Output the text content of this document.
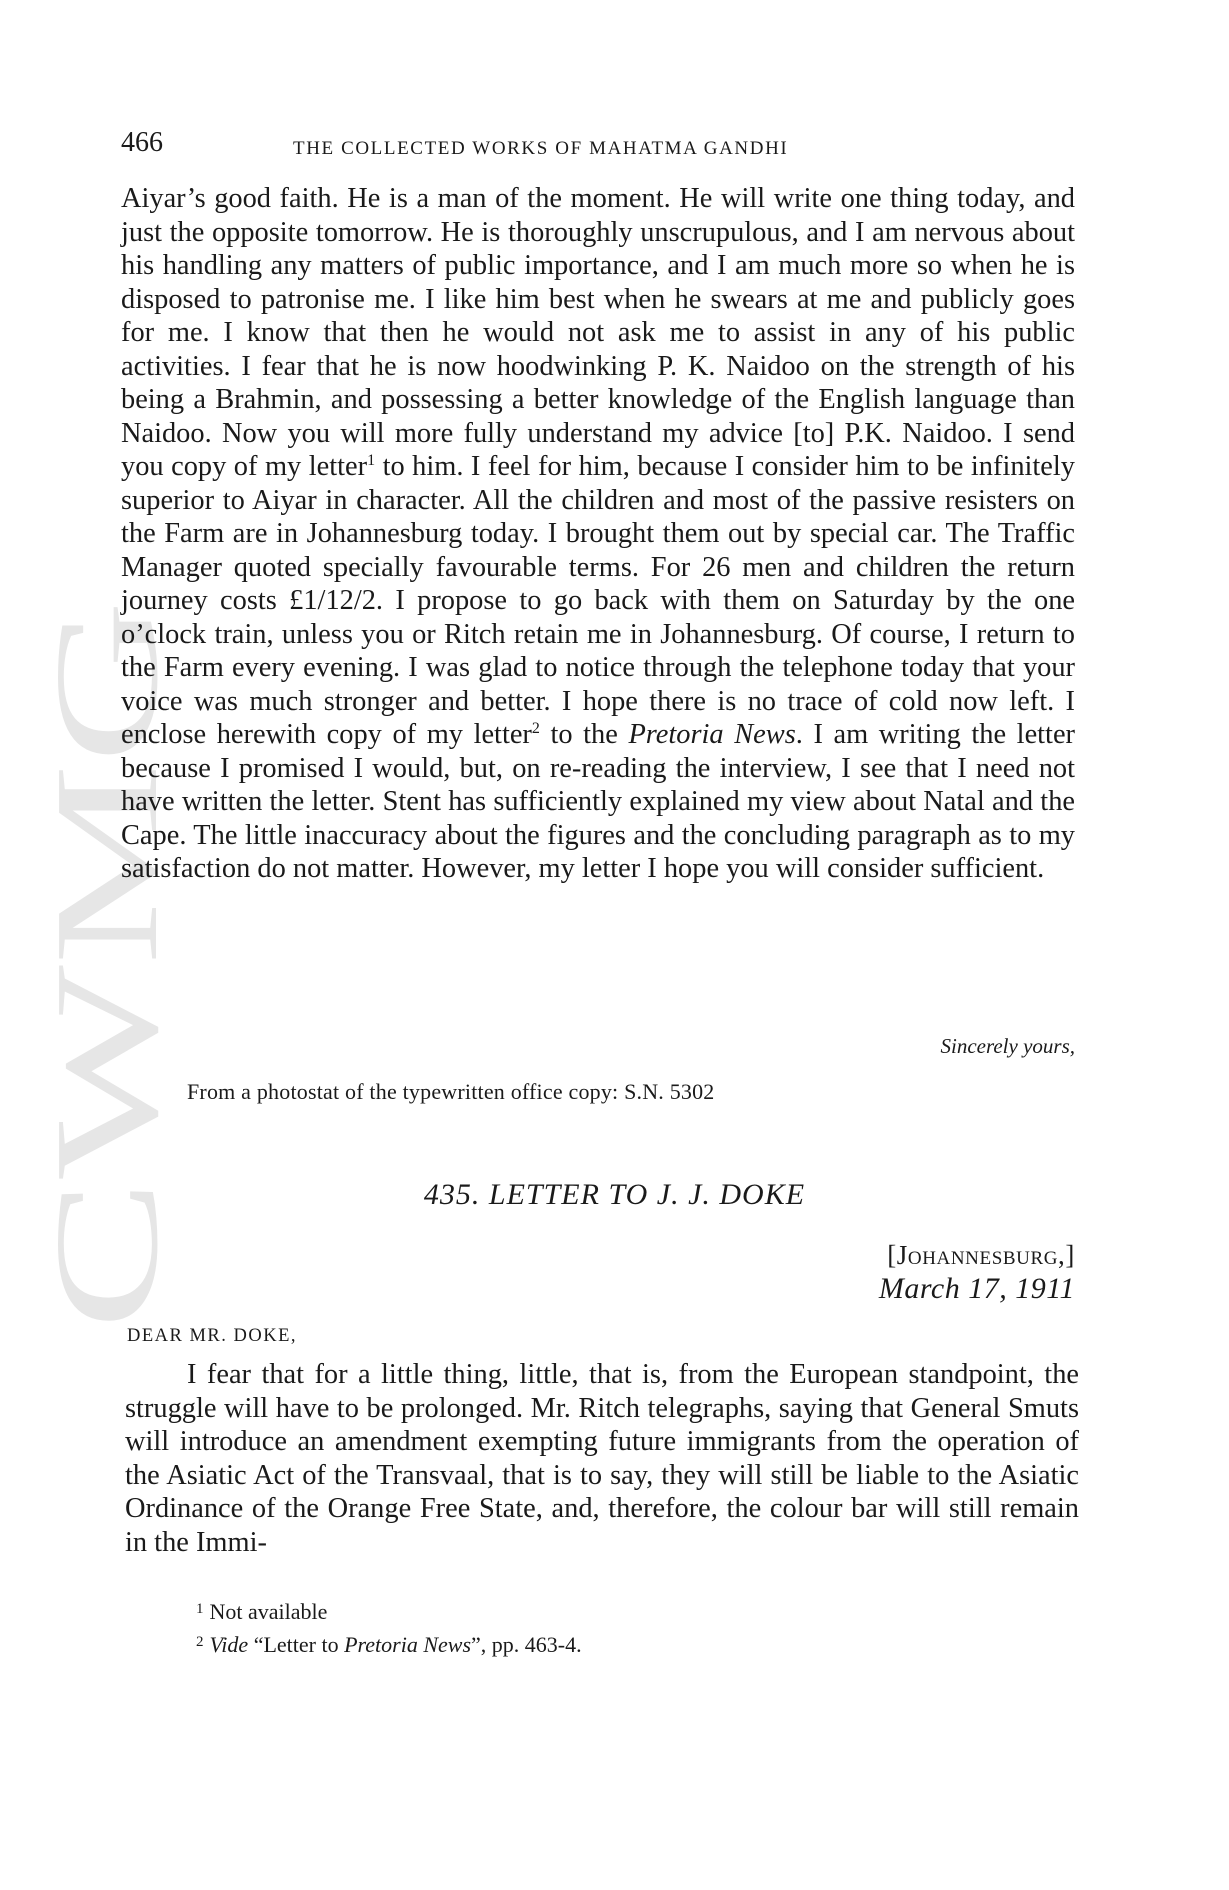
CWMG
466	THE COLLECTED WORKS OF MAHATMA GANDHI

Aiyar’s good faith. He is a man of the moment. He will write one thing today, and just the opposite tomorrow. He is thoroughly unscrupulous, and I am nervous about his handling any matters of public importance, and I am much more so when he is disposed to patronise me. I like him best when he swears at me and publicly goes for me. I know that then he would not ask me to assist in any of his public activities. I fear that he is now hoodwinking P. K. Naidoo on the strength of his being a Brahmin, and possessing a better knowledge of the English language than Naidoo. Now you will more fully understand my advice [to] P.K. Naidoo. I send you copy of my letter$^1$ to him. I feel for him, because I consider him to be infinitely superior to Aiyar in character. All the children and most of the passive resisters on the Farm are in Johannesburg today. I brought them out by special car. The Traffic Manager quoted specially favourable terms. For 26 men and children the return journey costs £1/12/2. I propose to go back with them on Saturday by the one o’clock train, unless you or Ritch retain me in Johannesburg. Of course, I return to the Farm every evening. I was glad to notice through the telephone today that your voice was much stronger and better. I hope there is no trace of cold now left. I enclose herewith copy of my letter$^2$ to the Pretoria News. I am writing the letter because I promised I would, but, on re-reading the interview, I see that I need not have written the letter. Stent has sufficiently explained my view about Natal and the Cape. The little inaccuracy about the figures and the concluding paragraph as to my satisfaction do not matter. However, my letter I hope you will consider sufficient.

Sincerely yours,
From a photostat of the typewritten office copy: S.N. 5302
435. LETTER TO J. J. DOKE
[Johannesburg,]
March 17, 1911
DEAR MR. DOKE,

I fear that for a little thing, little, that is, from the European standpoint, the struggle will have to be prolonged. Mr. Ritch telegraphs, saying that General Smuts will introduce an amendment exempting future immigrants from the operation of the Asiatic Act of the Transvaal, that is to say, they will still be liable to the Asiatic Ordinance of the Orange Free State, and, therefore, the colour bar will still remain in the Immi-

$^1$ Not available
$^2$ Vide “Letter to Pretoria News”, pp. 463-4.
